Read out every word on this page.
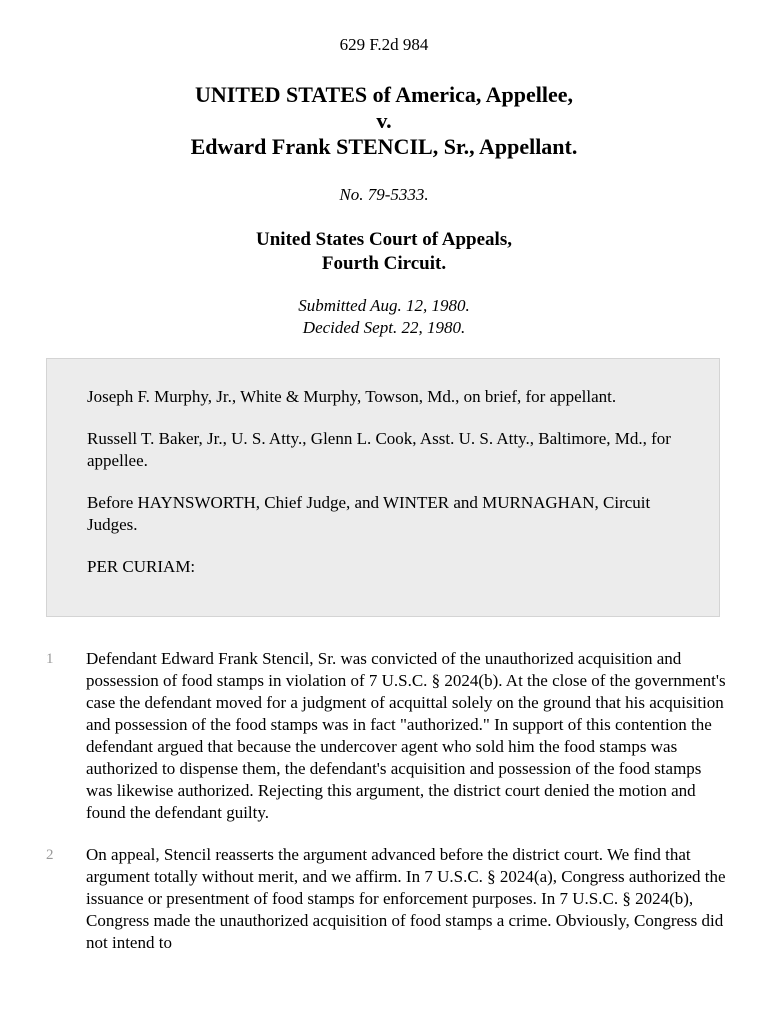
629 F.2d 984
UNITED STATES of America, Appellee,
v.
Edward Frank STENCIL, Sr., Appellant.
No. 79-5333.
United States Court of Appeals,
Fourth Circuit.
Submitted Aug. 12, 1980.
Decided Sept. 22, 1980.

Joseph F. Murphy, Jr., White & Murphy, Towson, Md., on brief, for appellant.

Russell T. Baker, Jr., U. S. Atty., Glenn L. Cook, Asst. U. S. Atty., Baltimore, Md., for appellee.

Before HAYNSWORTH, Chief Judge, and WINTER and MURNAGHAN, Circuit Judges.

PER CURIAM:

1 Defendant Edward Frank Stencil, Sr. was convicted of the unauthorized acquisition and possession of food stamps in violation of 7 U.S.C. § 2024(b). At the close of the government's case the defendant moved for a judgment of acquittal solely on the ground that his acquisition and possession of the food stamps was in fact "authorized." In support of this contention the defendant argued that because the undercover agent who sold him the food stamps was authorized to dispense them, the defendant's acquisition and possession of the food stamps was likewise authorized. Rejecting this argument, the district court denied the motion and found the defendant guilty.
2 On appeal, Stencil reasserts the argument advanced before the district court. We find that argument totally without merit, and we affirm. In 7 U.S.C. § 2024(a), Congress authorized the issuance or presentment of food stamps for enforcement purposes. In 7 U.S.C. § 2024(b), Congress made the unauthorized acquisition of food stamps a crime. Obviously, Congress did not intend to
